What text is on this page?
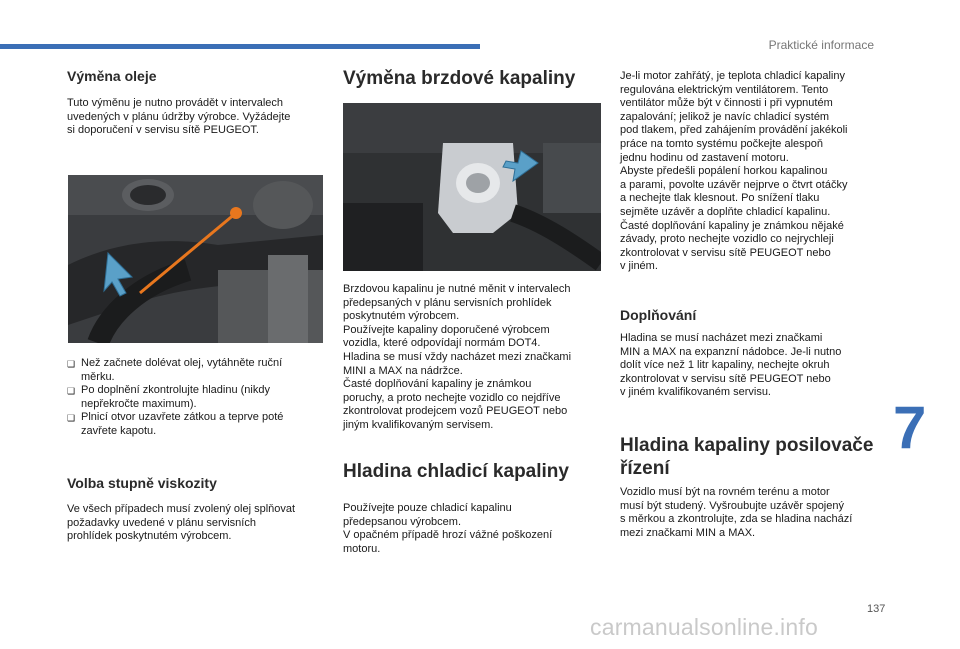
Praktické informace
Výměna oleje

Tuto výměnu je nutno provádět v intervalech
uvedených v plánu údržby výrobce. Vyžádejte
si doporučení v servisu sítě PEUGEOT.

❑ Než začnete dolévat olej, vytáhněte ruční
měrku.
❑ Po doplnění zkontrolujte hladinu (nikdy
nepřekročte maximum).
❑ Plnicí otvor uzavřete zátkou a teprve poté
zavřete kapotu.
Volba stupně viskozity

Ve všech případech musí zvolený olej splňovat
požadavky uvedené v plánu servisních
prohlídek poskytnutém výrobcem.

Výměna brzdové kapaliny

Brzdovou kapalinu je nutné měnit v intervalech
předepsaných v plánu servisních prohlídek
poskytnutém výrobcem.
Používejte kapaliny doporučené výrobcem
vozidla, které odpovídají normám DOT4.
Hladina se musí vždy nacházet mezi značkami
MINI a MAX na nádržce.
Časté doplňování kapaliny je známkou
poruchy, a proto nechejte vozidlo co nejdříve
zkontrolovat prodejcem vozů PEUGEOT nebo
jiným kvalifikovaným servisem.

Hladina chladicí kapaliny

Používejte pouze chladicí kapalinu
předepsanou výrobcem.
V opačném případě hrozí vážné poškození
motoru.

Je-li motor zahřátý, je teplota chladicí kapaliny
regulována elektrickým ventilátorem. Tento
ventilátor může být v činnosti i při vypnutém
zapalování; jelikož je navíc chladicí systém
pod tlakem, před zahájením provádění jakékoli
práce na tomto systému počkejte alespoň
jednu hodinu od zastavení motoru.
Abyste předešli popálení horkou kapalinou
a parami, povolte uzávěr nejprve o čtvrt otáčky
a nechejte tlak klesnout. Po snížení tlaku
sejměte uzávěr a doplňte chladicí kapalinu.
Časté doplňování kapaliny je známkou nějaké
závady, proto nechejte vozidlo co nejrychleji
zkontrolovat v servisu sítě PEUGEOT nebo
v jiném.

Doplňování

Hladina se musí nacházet mezi značkami
MIN a MAX na expanzní nádobce. Je-li nutno
dolít více než 1 litr kapaliny, nechejte okruh
zkontrolovat v servisu sítě PEUGEOT nebo
v jiném kvalifikovaném servisu.

Hladina kapaliny posilovače
řízení

Vozidlo musí být na rovném terénu a motor
musí být studený. Vyšroubujte uzávěr spojený
s měrkou a zkontrolujte, zda se hladina nachází
mezi značkami MIN a MAX.

7
137
carmanualsonline.info
